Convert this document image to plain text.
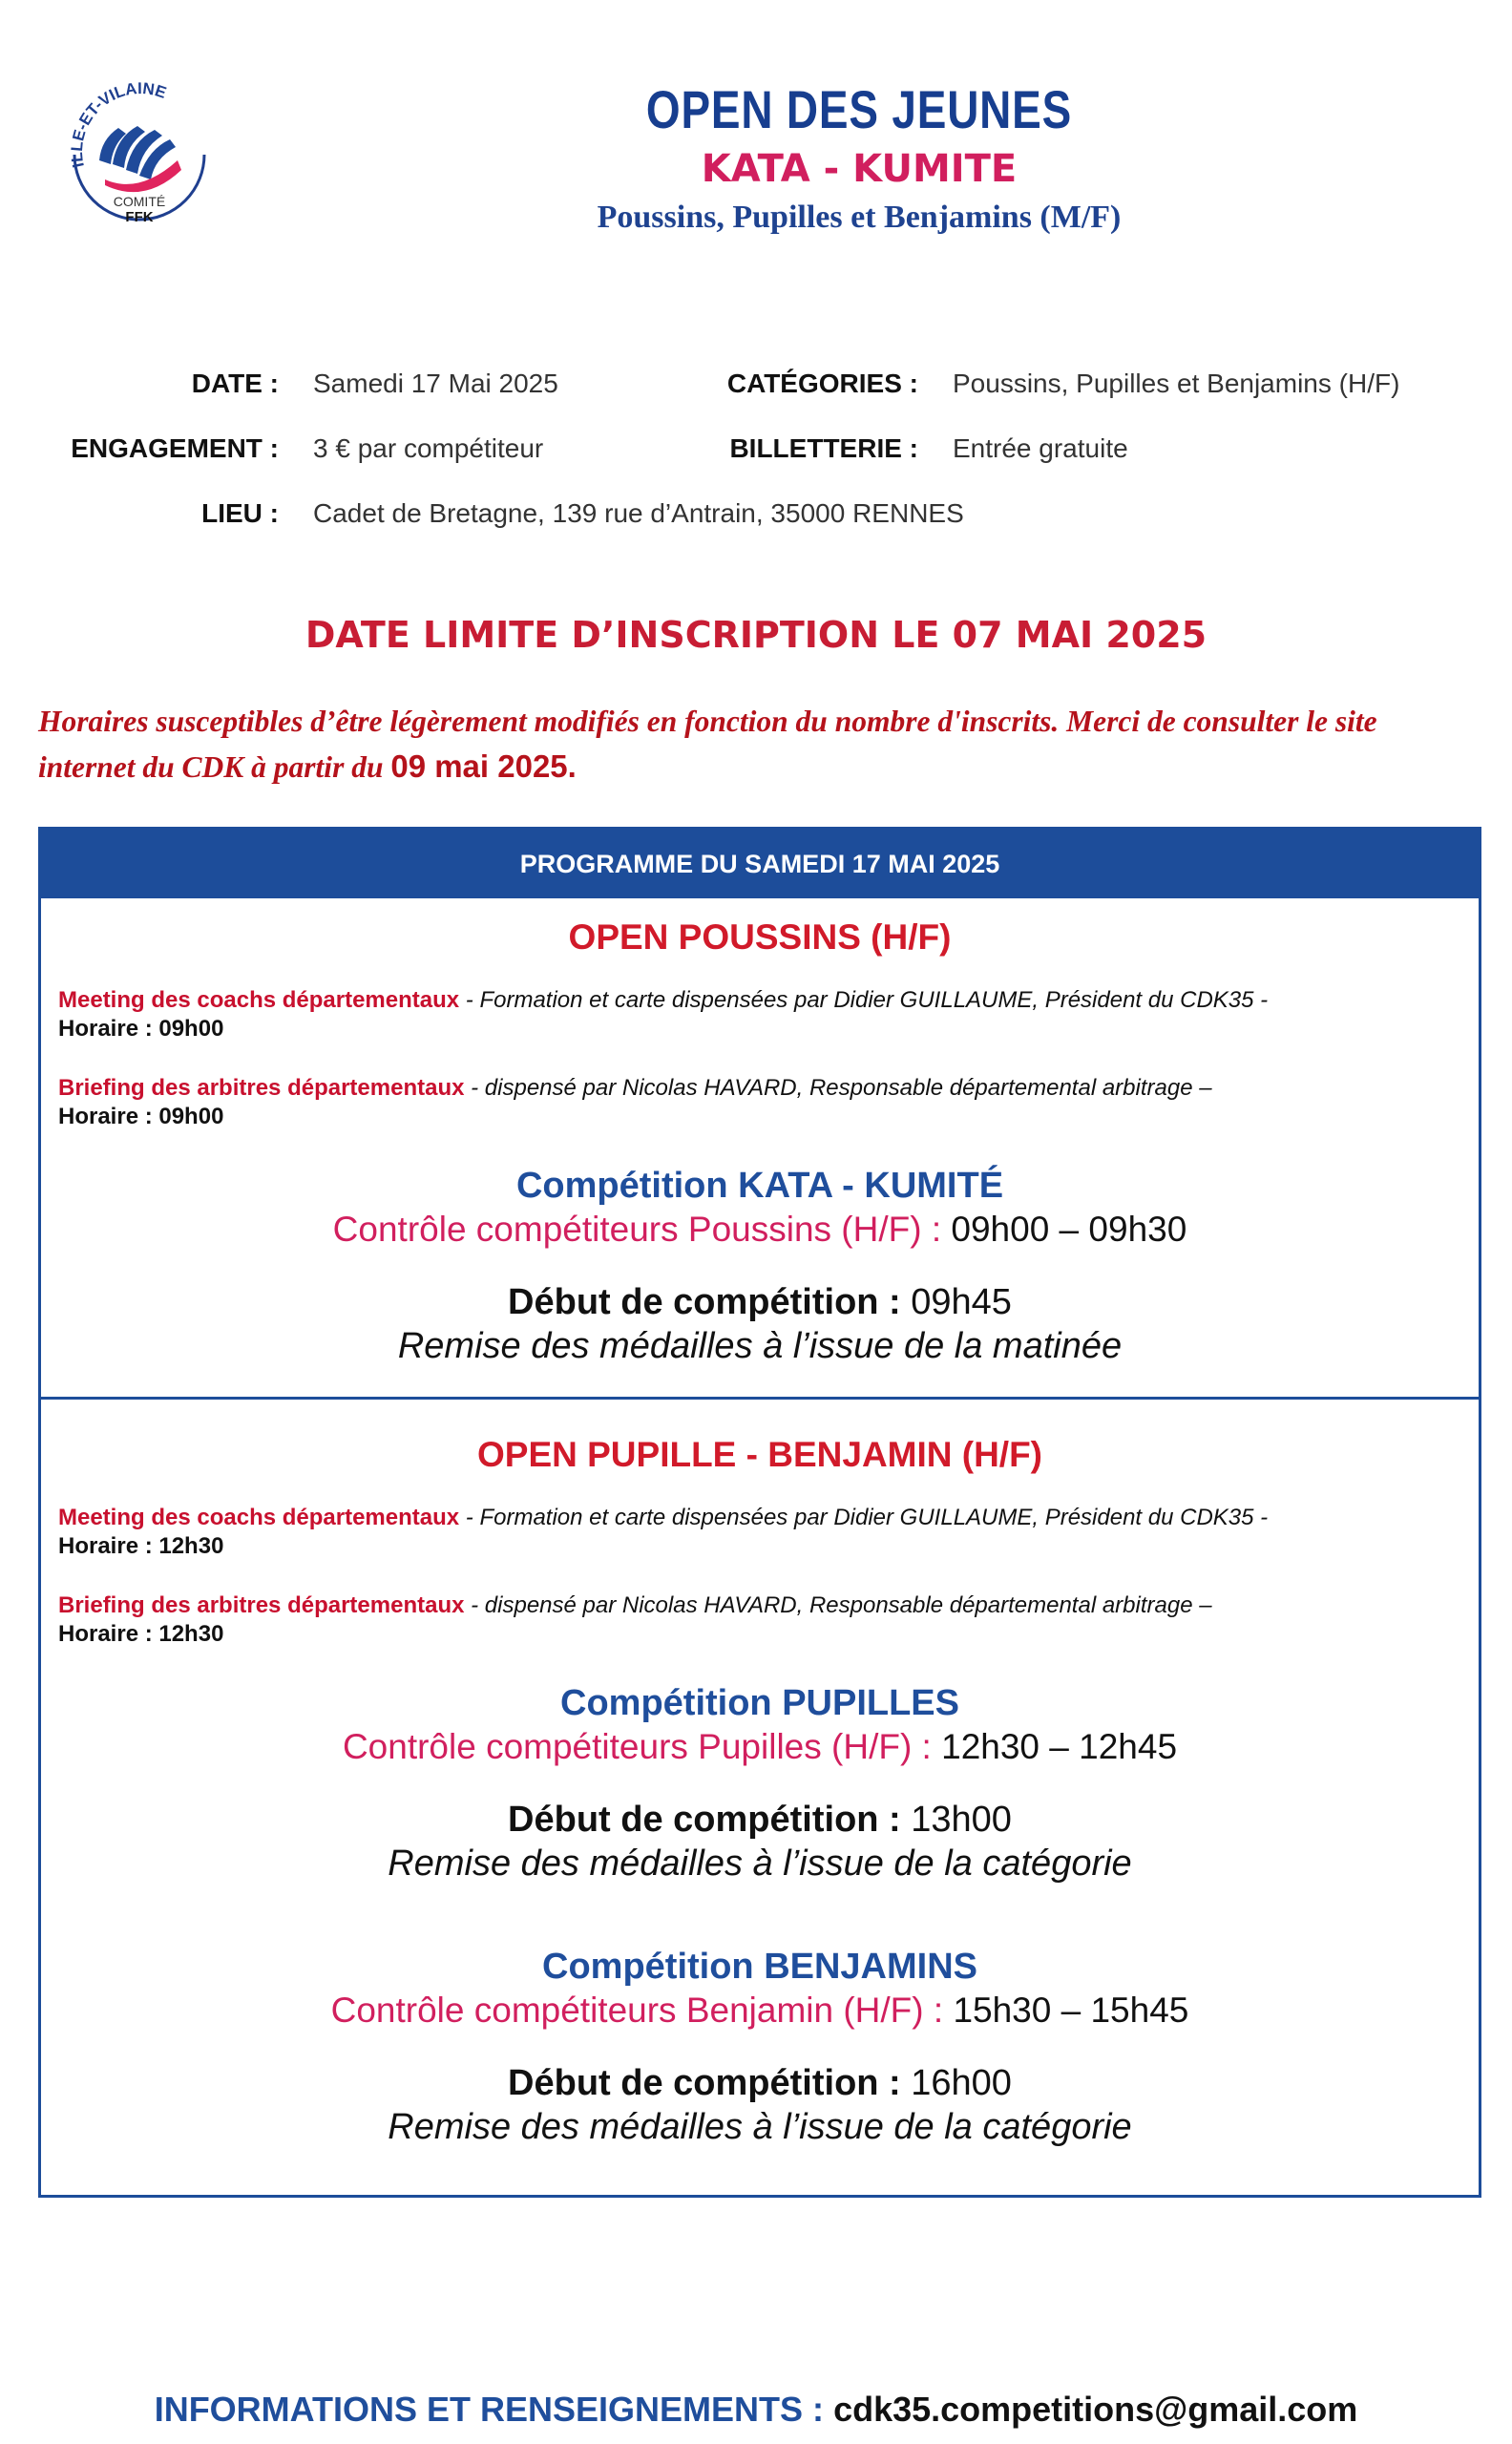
ILLE-ET-VILAINE
COMITÉ
FFK
OPEN DES JEUNES
KATA - KUMITE
Poussins, Pupilles et Benjamins (M/F)
DATE : Samedi 17 Mai 2025	CATÉGORIES : Poussins, Pupilles et Benjamins (H/F)
ENGAGEMENT : 3 € par compétiteur	BILLETTERIE : Entrée gratuite
LIEU : Cadet de Bretagne, 139 rue d’Antrain, 35000 RENNES
DATE LIMITE D’INSCRIPTION LE 07 MAI 2025
Horaires susceptibles d’être légèrement modifiés en fonction du nombre d'inscrits. Merci de consulter le site internet du CDK à partir du 09 mai 2025.
PROGRAMME DU SAMEDI 17 MAI 2025
OPEN POUSSINS (H/F)
Meeting des coachs départementaux - Formation et carte dispensées par Didier GUILLAUME, Président du CDK35 -
Horaire : 09h00
Briefing des arbitres départementaux - dispensé par Nicolas HAVARD, Responsable départemental arbitrage –
Horaire : 09h00
Compétition KATA - KUMITÉ
Contrôle compétiteurs Poussins (H/F) : 09h00 – 09h30
Début de compétition : 09h45
Remise des médailles à l’issue de la matinée
OPEN PUPILLE - BENJAMIN (H/F)
Meeting des coachs départementaux - Formation et carte dispensées par Didier GUILLAUME, Président du CDK35 -
Horaire : 12h30
Briefing des arbitres départementaux - dispensé par Nicolas HAVARD, Responsable départemental arbitrage –
Horaire : 12h30
Compétition PUPILLES
Contrôle compétiteurs Pupilles (H/F) : 12h30 – 12h45
Début de compétition : 13h00
Remise des médailles à l’issue de la catégorie
Compétition BENJAMINS
Contrôle compétiteurs Benjamin (H/F) : 15h30 – 15h45
Début de compétition : 16h00
Remise des médailles à l’issue de la catégorie
INFORMATIONS ET RENSEIGNEMENTS : cdk35.competitions@gmail.com
